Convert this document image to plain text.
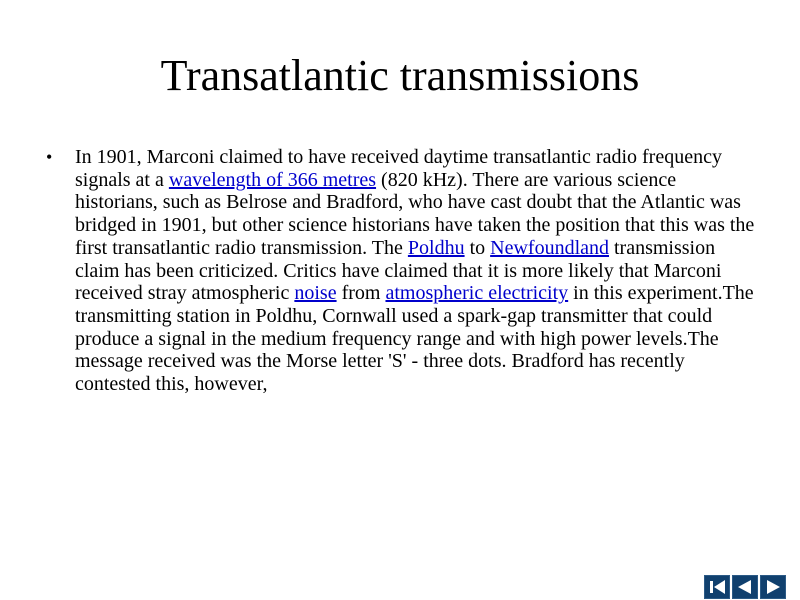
Transatlantic transmissions
• In 1901, Marconi claimed to have received daytime transatlantic radio frequency signals at a wavelength of 366 metres (820 kHz). There are various science historians, such as Belrose and Bradford, who have cast doubt that the Atlantic was bridged in 1901, but other science historians have taken the position that this was the first transatlantic radio transmission. The Poldhu to Newfoundland transmission claim has been criticized. Critics have claimed that it is more likely that Marconi received stray atmospheric noise from atmospheric electricity in this experiment.The transmitting station in Poldhu, Cornwall used a spark-gap transmitter that could produce a signal in the medium frequency range and with high power levels.The message received was the Morse letter 'S' - three dots. Bradford has recently contested this, however,
